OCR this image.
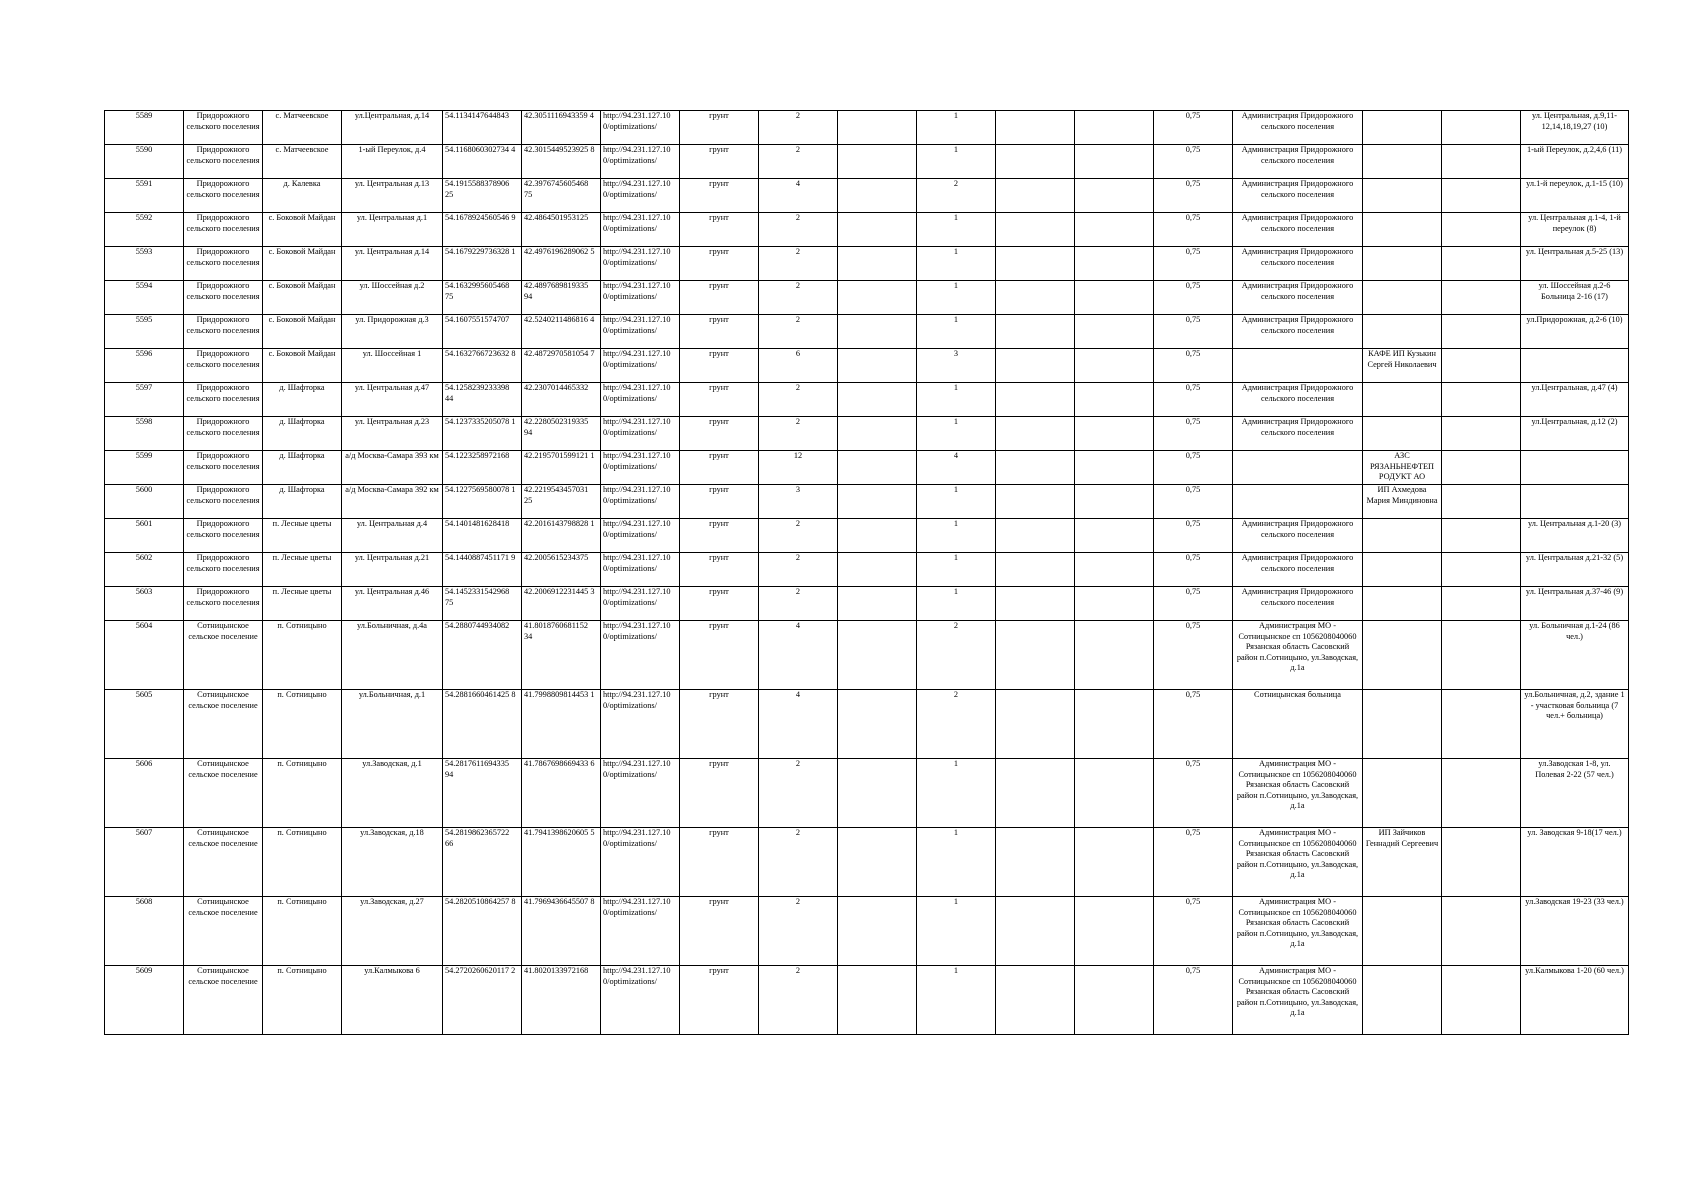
5589	Придорожного сельского поселения	с. Матчеевское	ул.Центральная, д.14	54.1134147644843	42.3051116943359 4	http://94.231.127.10 0/optimizations/	грунт	2		1			0,75	Администрация Придорожного сельского поселения			ул. Центральная, д.9,11-12,14,18,19,27 (10)
5590	Придорожного сельского поселения	с. Матчеевское	1-ый Переулок, д.4	54.1168060302734 4	42.3015449523925 8	http://94.231.127.10 0/optimizations/	грунт	2		1			0,75	Администрация Придорожного сельского поселения			1-ый Переулок, д.2,4,6 (11)
5591	Придорожного сельского поселения	д. Калевка	ул. Центральная д.13	54.1915588378906 25	42.3976745605468 75	http://94.231.127.10 0/optimizations/	грунт	4		2			0,75	Администрация Придорожного сельского поселения			ул.1-й переулок, д.1-15 (10)
5592	Придорожного сельского поселения	с. Боковой Майдан	ул. Центральная д.1	54.1678924560546 9	42.4864501953125	http://94.231.127.10 0/optimizations/	грунт	2		1			0,75	Администрация Придорожного сельского поселения			ул. Центральная д.1-4, 1-й переулок (8)
5593	Придорожного сельского поселения	с. Боковой Майдан	ул. Центральная д.14	54.1679229736328 1	42.4976196289062 5	http://94.231.127.10 0/optimizations/	грунт	2		1			0,75	Администрация Придорожного сельского поселения			ул. Центральная д.5-25 (13)
5594	Придорожного сельского поселения	с. Боковой Майдан	ул. Шоссейная д.2	54.1632995605468 75	42.4897689819335 94	http://94.231.127.10 0/optimizations/	грунт	2		1			0,75	Администрация Придорожного сельского поселения			ул. Шоссейная д.2-6 Больница 2-16 (17)
5595	Придорожного сельского поселения	с. Боковой Майдан	ул. Придорожная д.3	54.1607551574707	42.5240211486816 4	http://94.231.127.10 0/optimizations/	грунт	2		1			0,75	Администрация Придорожного сельского поселения			ул.Придорожная, д.2-6 (10)
5596	Придорожного сельского поселения	с. Боковой Майдан	ул. Шоссейная 1	54.1632766723632 8	42.4872970581054 7	http://94.231.127.10 0/optimizations/	грунт	6		3			0,75		КАФЕ ИП Кузькин Сергей Николаевич		
5597	Придорожного сельского поселения	д. Шафторка	ул. Центральная д.47	54.1258239233398 44	42.2307014465332	http://94.231.127.10 0/optimizations/	грунт	2		1			0,75	Администрация Придорожного сельского поселения			ул.Центральная, д.47 (4)
5598	Придорожного сельского поселения	д. Шафторка	ул. Центральная д.23	54.1237335205078 1	42.2280502319335 94	http://94.231.127.10 0/optimizations/	грунт	2		1			0,75	Администрация Придорожного сельского поселения			ул.Центральная, д.12 (2)
5599	Придорожного сельского поселения	д. Шафторка	а/д Москва-Самара 393 км	54.1223258972168	42.2195701599121 1	http://94.231.127.10 0/optimizations/	грунт	12		4			0,75		АЗС РЯЗАНЬНЕФТЕП РОДУКТ АО		
5600	Придорожного сельского поселения	д. Шафторка	а/д Москва-Самара 392 км	54.1227569580078 1	42.2219543457031 25	http://94.231.127.10 0/optimizations/	грунт	3		1			0,75		ИП Ахмедова Мария Миндиновна		
5601	Придорожного сельского поселения	п. Лесные цветы	ул. Центральная д.4	54.1401481628418	42.2016143798828 1	http://94.231.127.10 0/optimizations/	грунт	2		1			0,75	Администрация Придорожного сельского поселения			ул. Центральная д.1-20 (3)
5602	Придорожного сельского поселения	п. Лесные цветы	ул. Центральная д.21	54.1440887451171 9	42.2005615234375	http://94.231.127.10 0/optimizations/	грунт	2		1			0,75	Администрация Придорожного сельского поселения			ул. Центральная д.21-32 (5)
5603	Придорожного сельского поселения	п. Лесные цветы	ул. Центральная д.46	54.1452331542968 75	42.2006912231445 3	http://94.231.127.10 0/optimizations/	грунт	2		1			0,75	Администрация Придорожного сельского поселения			ул. Центральная д.37-46 (9)
5604	Сотницынское сельское поселение	п. Сотницыно	ул.Больничная, д.4а	54.2880744934082	41.8018760681152 34	http://94.231.127.10 0/optimizations/	грунт	4		2			0,75	Администрация МО - Сотницынское сп 1056208040060 Рязанская область Сасовский район п.Сотницыно, ул.Заводская, д.1а			ул. Больничная д.1-24 (86 чел.)
5605	Сотницынское сельское поселение	п. Сотницыно	ул.Больничная, д.1	54.2881660461425 8	41.7998809814453 1	http://94.231.127.10 0/optimizations/	грунт	4		2			0,75	Сотницынская больница			ул.Больничная, д.2, здание 1 - участковая больница (7 чел.+ больница)
5606	Сотницынское сельское поселение	п. Сотницыно	ул.Заводская, д.1	54.2817611694335 94	41.7867698669433 6	http://94.231.127.10 0/optimizations/	грунт	2		1			0,75	Администрация МО - Сотницынское сп 1056208040060 Рязанская область Сасовский район п.Сотницыно, ул.Заводская, д.1а			ул.Заводская 1-8, ул. Полевая 2-22 (57 чел.)
5607	Сотницынское сельское поселение	п. Сотницыно	ул.Заводская, д.18	54.2819862365722 66	41.7941398620605 5	http://94.231.127.10 0/optimizations/	грунт	2		1			0,75	Администрация МО - Сотницынское сп 1056208040060 Рязанская область Сасовский район п.Сотницыно, ул.Заводская, д.1а	ИП Зайчиков Геннадий Сергеевич		ул. Заводская 9-18(17 чел.)
5608	Сотницынское сельское поселение	п. Сотницыно	ул.Заводская, д.27	54.2820510864257 8	41.7969436645507 8	http://94.231.127.10 0/optimizations/	грунт	2		1			0,75	Администрация МО - Сотницынское сп 1056208040060 Рязанская область Сасовский район п.Сотницыно, ул.Заводская, д.1а			ул.Заводская 19-23 (33 чел.)
5609	Сотницынское сельское поселение	п. Сотницыно	ул.Калмыкова 6	54.2720260620117 2	41.8020133972168	http://94.231.127.10 0/optimizations/	грунт	2		1			0,75	Администрация МО - Сотницынское сп 1056208040060 Рязанская область Сасовский район п.Сотницыно, ул.Заводская, д.1а			ул.Калмыкова 1-20 (60 чел.)
